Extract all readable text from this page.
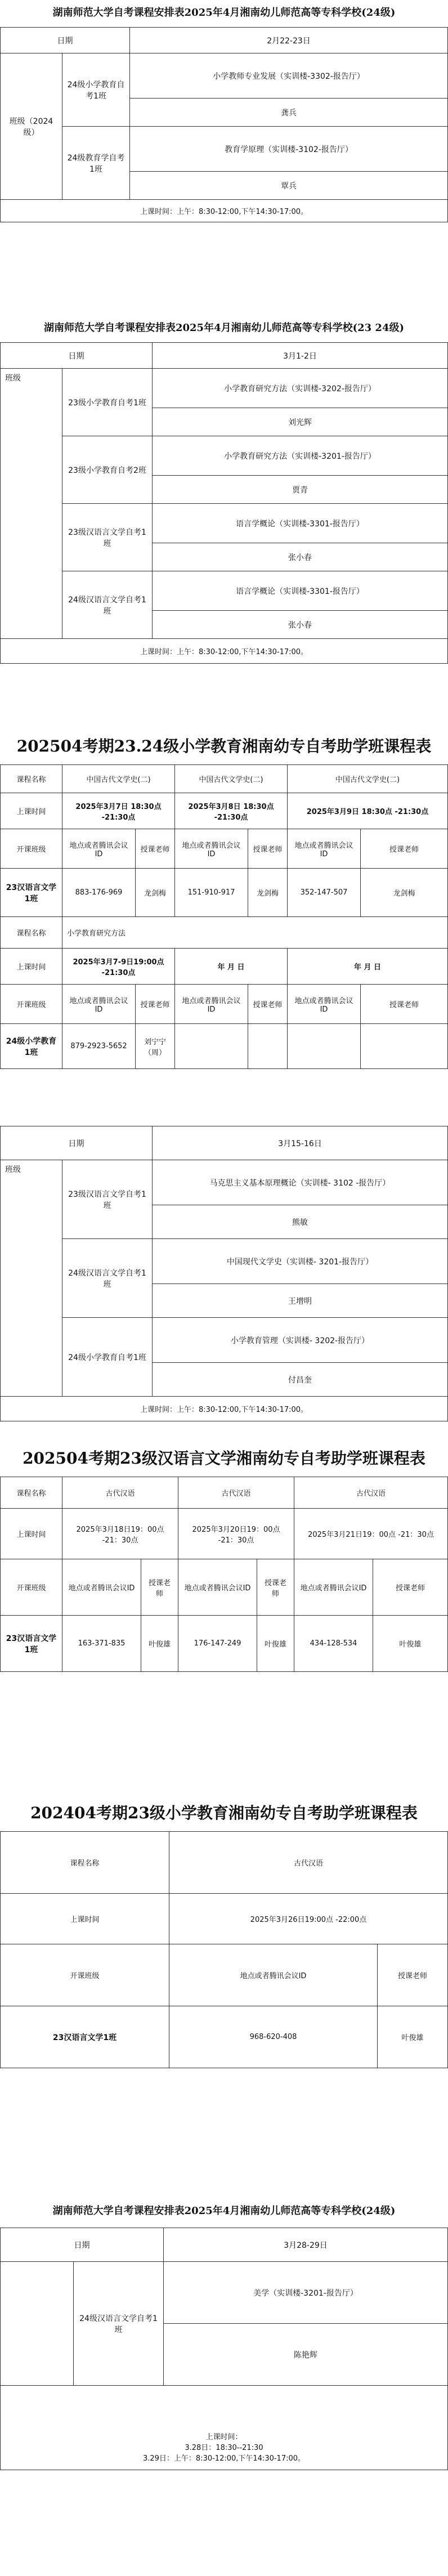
湖南师范大学自考课程安排表2025年4月湘南幼儿师范高等专科学校(24级)
日期		2月22-23日
班级（2024级）	24级小学教育自考1班	小学教师专业发展（实训楼-3302-报告厅）
		龚兵
	24级教育学自考1班	教育学原理（实训楼-3102-报告厅）
		覃兵
上课时间：上午：8:30-12:00,下午14:30-17:00。		
湖南师范大学自考课程安排表2025年4月湘南幼儿师范高等专科学校(23 24级)
日期		3月1-2日
班级	23级小学教育自考1班	小学教育研究方法（实训楼-3202-报告厅）
		刘光辉
	23级小学教育自考2班	小学教育研究方法（实训楼-3201-报告厅）
		贾青
	23级汉语言文学自考1班	语言学概论（实训楼-3301-报告厅）
		张小春
	24级汉语言文学自考1班	语言学概论（实训楼-3301-报告厅）
		张小春
上课时间：上午：8:30-12:00,下午14:30-17:00。		
202504考期23.24级小学教育湘南幼专自考助学班课程表
课程名称	中国古代文学史(二)		中国古代文学史(二)		中国古代文学史(二)	
上课时间	2025年3月7日 18:30点 -21:30点		2025年3月8日 18:30点 -21:30点		2025年3月9日 18:30点 -21:30点	
开课班级	地点或者腾讯会议ID	授课老师	地点或者腾讯会议ID	授课老师	地点或者腾讯会议ID	授课老师
23汉语言文学1班	883-176-969	龙剑梅	151-910-917	龙剑梅	352-147-507	龙剑梅
课程名称	小学教育研究方法					
上课时间	2025年3月7-9日19:00点 -21:30点		年 月 日		年 月 日	
开课班级	地点或者腾讯会议ID	授课老师	地点或者腾讯会议ID	授课老师	地点或者腾讯会议ID	授课老师
24级小学教育1班	879-2923-5652	刘宁宁（周）				
日期		3月15-16日
班级	23级汉语言文学自考1班	马克思主义基本原理概论（实训楼- 3102 -报告厅）
		熊敏
	24级汉语言文学自考1班	中国现代文学史（实训楼- 3201-报告厅）
		王增明
	24级小学教育自考1班	小学教育管理（实训楼- 3202-报告厅）
		付昌奎
上课时间：上午：8:30-12:00,下午14:30-17:00。		
202504考期23级汉语言文学湘南幼专自考助学班课程表
课程名称	古代汉语		古代汉语		古代汉语	
上课时间	2025年3月18日19：00点 -21：30点		2025年3月20日19：00点 -21：30点		2025年3月21日19：00点 -21：30点	
开课班级	地点或者腾讯会议ID	授课老师	地点或者腾讯会议ID	授课老师	地点或者腾讯会议ID	授课老师
23汉语言文学1班	163-371-835	叶俊雄	176-147-249	叶俊雄	434-128-534	叶俊雄
202404考期23级小学教育湘南幼专自考助学班课程表
课程名称	古代汉语	
上课时间	2025年3月26日19:00点 -22:00点	
开课班级	地点或者腾讯会议ID	授课老师
23汉语言文学1班	968-620-408	叶俊雄
湖南师范大学自考课程安排表2025年4月湘南幼儿师范高等专科学校(24级)
日期		3月28-29日
	24级汉语言文学自考1班	美学（实训楼-3201-报告厅）
		陈艳辉

上课时间：
3.28日：18:30--21:30
3.29日：上午：8:30-12:00,下午14:30-17:00。		
